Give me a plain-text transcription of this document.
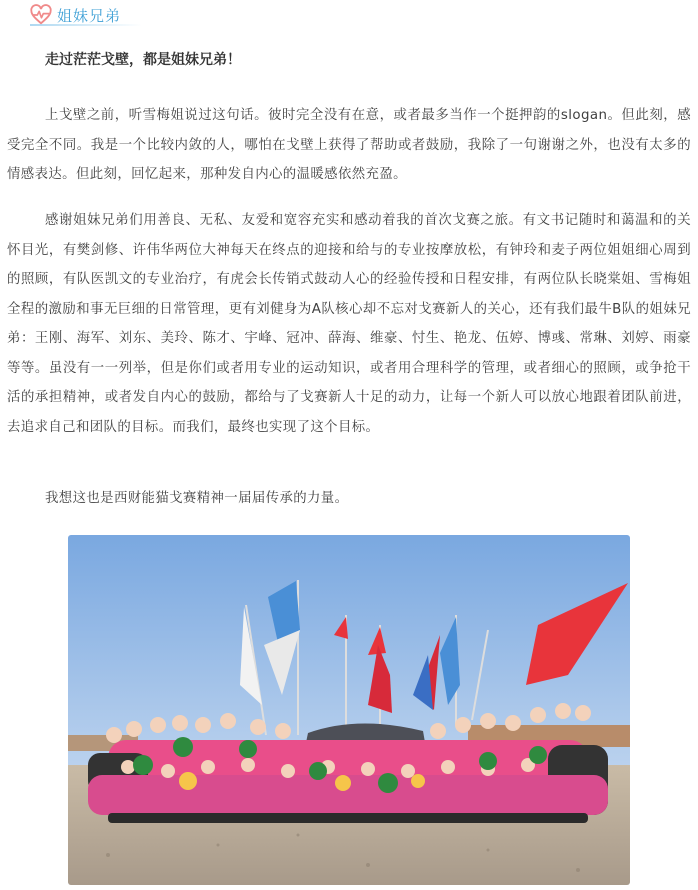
姐妹兄弟
走过茫茫戈壁，都是姐妹兄弟！

上戈壁之前，听雪梅姐说过这句话。彼时完全没有在意，或者最多当作一个挺押韵的slogan。但此刻，感受完全不同。我是一个比较内敛的人，哪怕在戈壁上获得了帮助或者鼓励，我除了一句谢谢之外，也没有太多的情感表达。但此刻，回忆起来，那种发自内心的温暖感依然充盈。

感谢姐妹兄弟们用善良、无私、友爱和宽容充实和感动着我的首次戈赛之旅。有文书记随时和蔼温和的关怀目光，有樊剑修、许伟华两位大神每天在终点的迎接和给与的专业按摩放松，有钟玲和麦子两位姐姐细心周到的照顾，有队医凯文的专业治疗，有虎会长传销式鼓动人心的经验传授和日程安排，有两位队长晓棠姐、雪梅姐全程的激励和事无巨细的日常管理，更有刘健身为A队核心却不忘对戈赛新人的关心，还有我们最牛B队的姐妹兄弟：王刚、海军、刘东、美玲、陈才、宇峰、冠冲、薛海、维豪、忖生、艳龙、伍婷、博彧、常琳、刘婷、雨豪等等。虽没有一一列举，但是你们或者用专业的运动知识，或者用合理科学的管理，或者细心的照顾，或争抢干活的承担精神，或者发自内心的鼓励，都给与了戈赛新人十足的动力，让每一个新人可以放心地跟着团队前进，去追求自己和团队的目标。而我们，最终也实现了这个目标。

我想这也是西财能猫戈赛精神一届届传承的力量。
